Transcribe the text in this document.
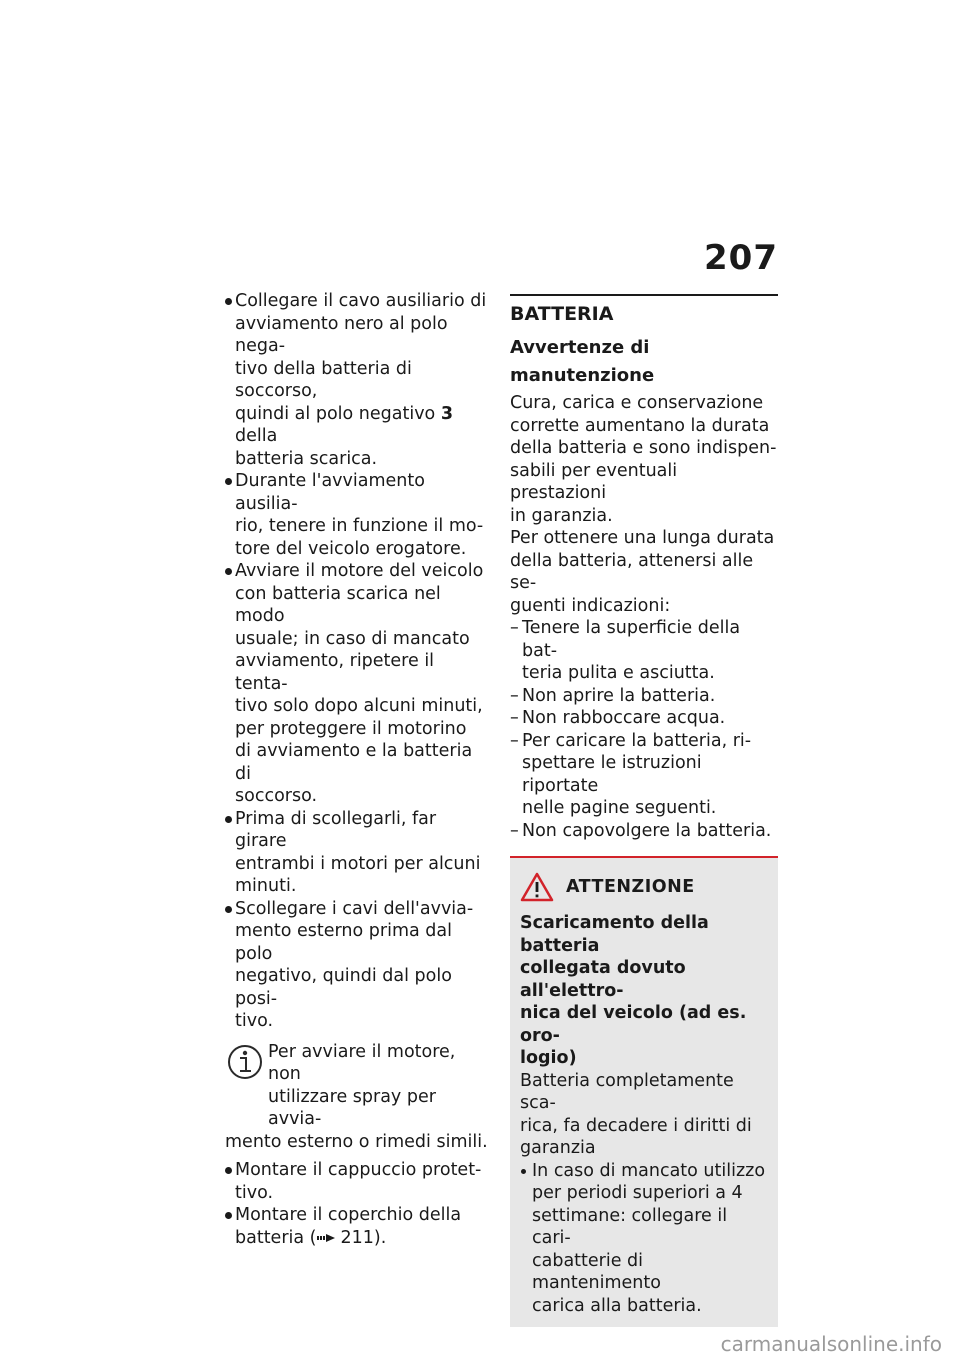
207
Collegare il cavo ausiliario di
avviamento nero al polo nega-
tivo della batteria di soccorso,
quindi al polo negativo 3 della
batteria scarica.
Durante l'avviamento ausilia-
rio, tenere in funzione il mo-
tore del veicolo erogatore.
Avviare il motore del veicolo
con batteria scarica nel modo
usuale; in caso di mancato
avviamento, ripetere il tenta-
tivo solo dopo alcuni minuti,
per proteggere il motorino
di avviamento e la batteria di
soccorso.
Prima di scollegarli, far girare
entrambi i motori per alcuni
minuti.
Scollegare i cavi dell'avvia-
mento esterno prima dal polo
negativo, quindi dal polo posi-
tivo.
Per avviare il motore, non
utilizzare spray per avvia-
mento esterno o rimedi simili.
Montare il cappuccio protet-
tivo.
Montare il coperchio della
batteria ( 211).
BATTERIA
Avvertenze di manutenzione
Cura, carica e conservazione
corrette aumentano la durata
della batteria e sono indispen-
sabili per eventuali prestazioni
in garanzia.
Per ottenere una lunga durata
della batteria, attenersi alle se-
guenti indicazioni:
– Tenere la superficie della bat-
teria pulita e asciutta.
– Non aprire la batteria.
– Non rabboccare acqua.
– Per caricare la batteria, ri-
spettare le istruzioni riportate
nelle pagine seguenti.
– Non capovolgere la batteria.
ATTENZIONE
Scaricamento della batteria
collegata dovuto all'elettro-
nica del veicolo (ad es. oro-
logio)
Batteria completamente sca-
rica, fa decadere i diritti di
garanzia
In caso di mancato utilizzo
per periodi superiori a 4
settimane: collegare il cari-
cabatterie di mantenimento
carica alla batteria.
carmanualsonline.info
